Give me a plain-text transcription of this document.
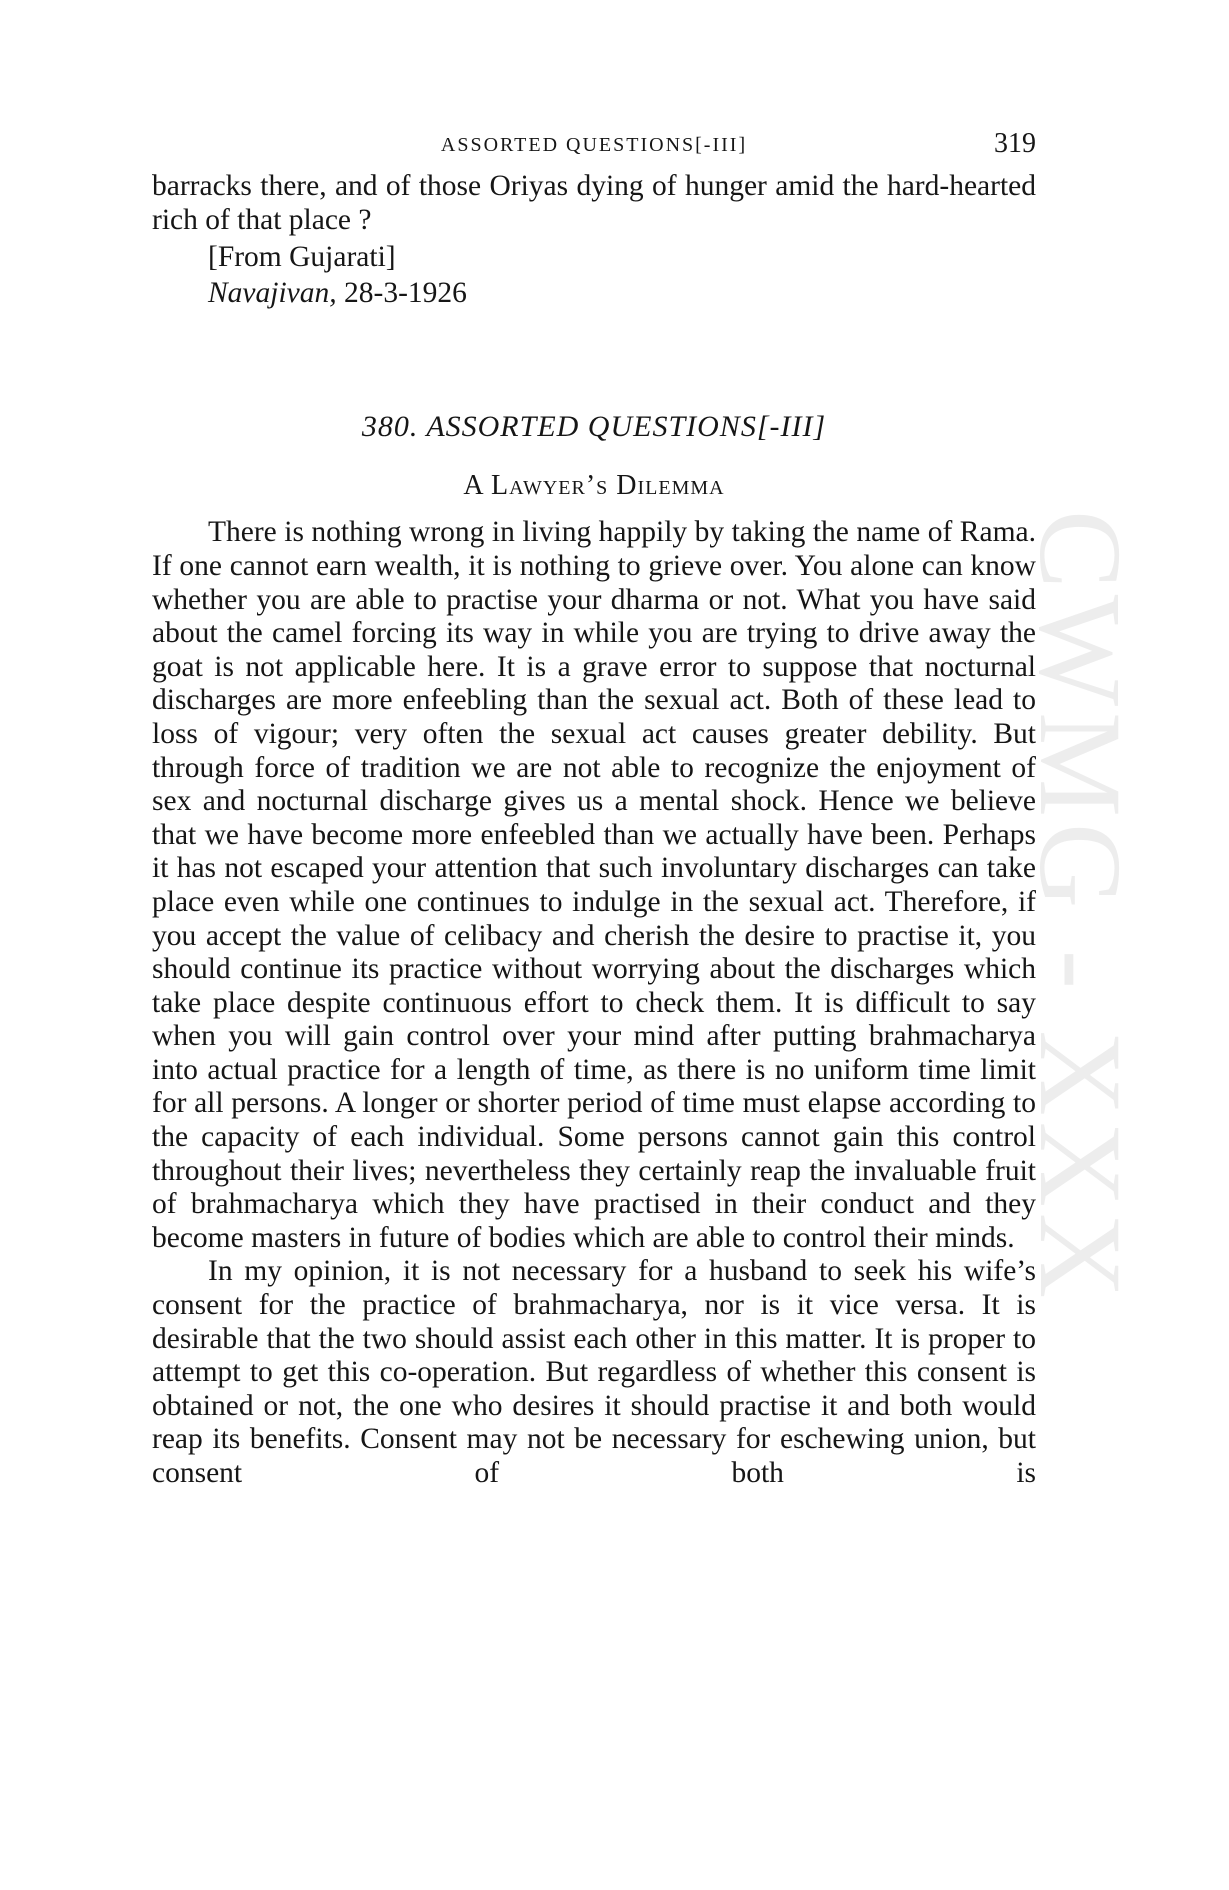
CWMG - XXX
ASSORTED QUESTIONS[-III]	319

barracks there, and of those Oriyas dying of hunger amid the hard-hearted rich of that place ?

[From Gujarati]
Navajivan, 28-3-1926
380. ASSORTED QUESTIONS[-III]
A Lawyer’s Dilemma

There is nothing wrong in living happily by taking the name of Rama. If one cannot earn wealth, it is nothing to grieve over. You alone can know whether you are able to practise your dharma or not. What you have said about the camel forcing its way in while you are trying to drive away the goat is not applicable here. It is a grave error to suppose that nocturnal discharges are more enfeebling than the sexual act. Both of these lead to loss of vigour; very often the sexual act causes greater debility. But through force of tradition we are not able to recognize the enjoyment of sex and nocturnal discharge gives us a mental shock. Hence we believe that we have become more enfeebled than we actually have been. Perhaps it has not escaped your attention that such involuntary discharges can take place even while one continues to indulge in the sexual act. Therefore, if you accept the value of celibacy and cherish the desire to practise it, you should continue its practice without worrying about the discharges which take place despite continuous effort to check them. It is difficult to say when you will gain control over your mind after putting brahmacharya into actual practice for a length of time, as there is no uniform time limit for all persons. A longer or shorter period of time must elapse according to the capacity of each individual. Some persons cannot gain this control throughout their lives; nevertheless they certainly reap the invaluable fruit of brahmacharya which they have practised in their conduct and they become masters in future of bodies which are able to control their minds.

In my opinion, it is not necessary for a husband to seek his wife’s consent for the practice of brahmacharya, nor is it vice versa. It is desirable that the two should assist each other in this matter. It is proper to attempt to get this co-operation. But regardless of whether this consent is obtained or not, the one who desires it should practise it and both would reap its benefits. Consent may not be necessary for eschewing union, but consent of both is
